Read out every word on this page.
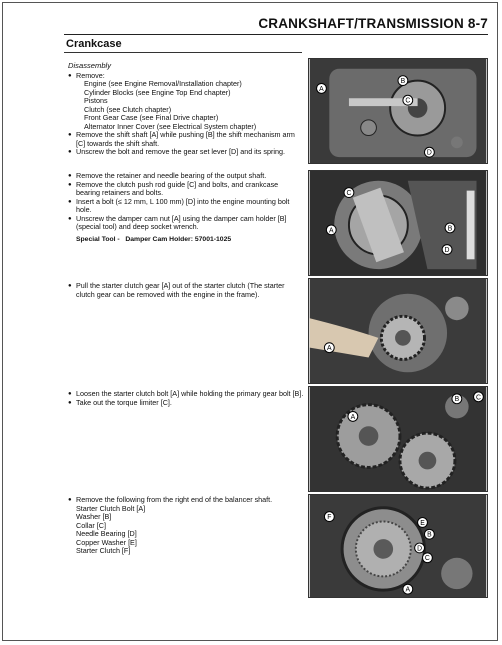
CRANKSHAFT/TRANSMISSION 8-7
Crankcase
Disassembly
● Remove:
Engine (see Engine Removal/Installation chapter)
Cylinder Blocks (see Engine Top End chapter)
Pistons
Clutch (see Clutch chapter)
Front Gear Case (see Final Drive chapter)
Alternator Inner Cover (see Electrical System chapter)
● Remove the shift shaft [A] while pushing [B] the shift mechanism arm [C] towards the shift shaft.
● Unscrew the bolt and remove the gear set lever [D] and its spring.
● Remove the retainer and needle bearing of the output shaft.
● Remove the clutch push rod guide [C] and bolts, and crankcase bearing retainers and bolts.
● Insert a bolt (≤ 12 mm, L 100 mm) [D] into the engine mounting bolt hole.
● Unscrew the damper cam nut [A] using the damper cam holder [B] (special tool) and deep socket wrench.
Special Tool - Damper Cam Holder: 57001-1025
● Pull the starter clutch gear [A] out of the starter clutch (The starter clutch gear can be removed with the engine in the frame).
● Loosen the starter clutch bolt [A] while holding the primary gear bolt [B].
● Take out the torque limiter [C].
● Remove the following from the right end of the balancer shaft.
Starter Clutch Bolt [A]
Washer [B]
Collar [C]
Needle Bearing [D]
Copper Washer [E]
Starter Clutch [F]
A
B
C
D
C
A	B
D
A
B C
A
F
E
B
D
C
A
